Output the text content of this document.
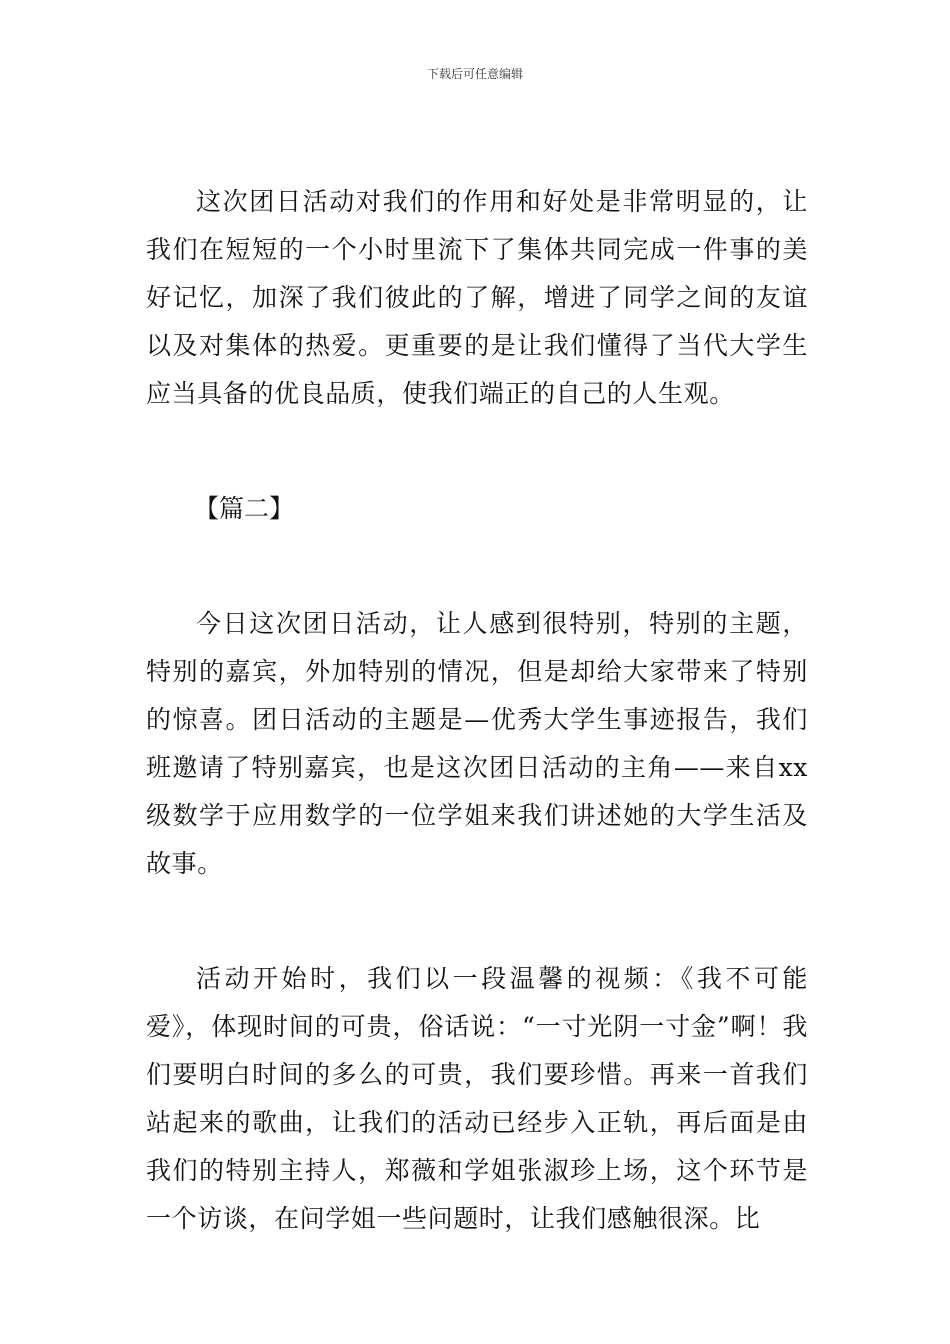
下载后可任意编辑

这次团日活动对我们的作用和好处是非常明显的，让我们在短短的一个小时里流下了集体共同完成一件事的美好记忆，加深了我们彼此的了解，增进了同学之间的友谊以及对集体的热爱。更重要的是让我们懂得了当代大学生应当具备的优良品质，使我们端正的自己的人生观。

【篇二】

今日这次团日活动，让人感到很特别，特别的主题，特别的嘉宾，外加特别的情况，但是却给大家带来了特别的惊喜。团日活动的主题是—优秀大学生事迹报告，我们班邀请了特别嘉宾，也是这次团日活动的主角——来自xx级数学于应用数学的一位学姐来我们讲述她的大学生活及故事。

活动开始时，我们以一段温馨的视频：《我不可能爱》，体现时间的可贵，俗话说：“一寸光阴一寸金”啊！我们要明白时间的多么的可贵，我们要珍惜。再来一首我们站起来的歌曲，让我们的活动已经步入正轨，再后面是由我们的特别主持人，郑薇和学姐张淑珍上场，这个环节是一个访谈，在问学姐一些问题时，让我们感触很深。比
